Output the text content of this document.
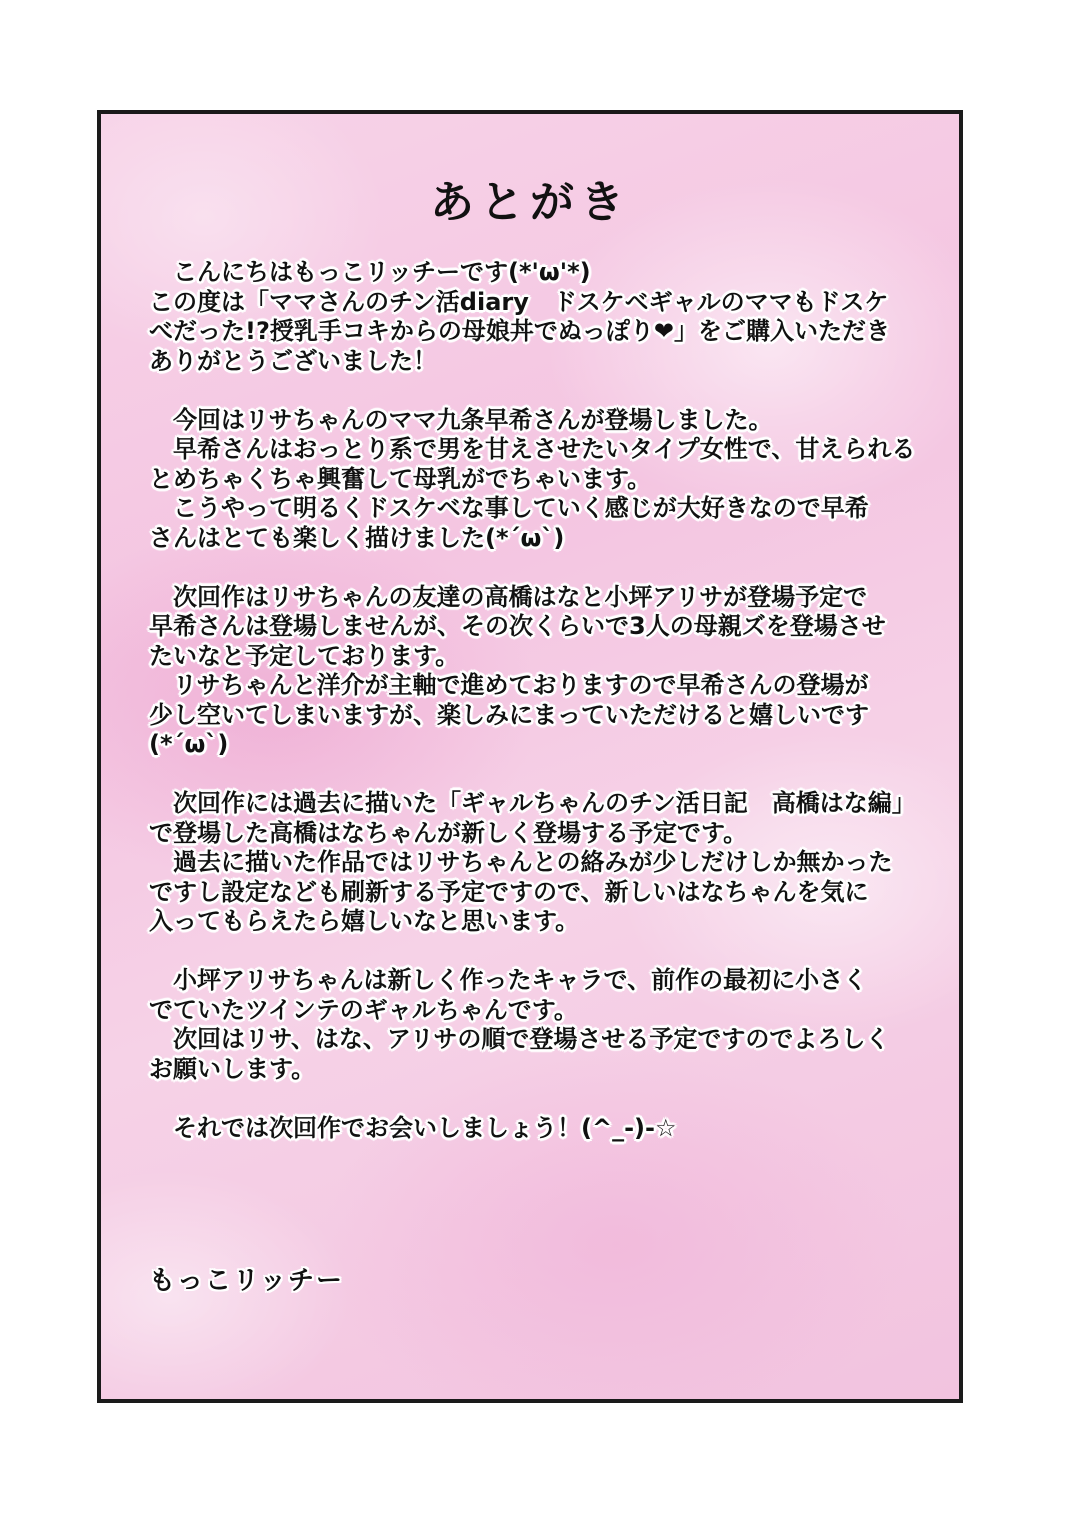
あとがき
　こんにちはもっこリッチーです(*'ω'*)
この度は「ママさんのチン活diary　ドスケベギャルのママもドスケ
べだった!?授乳手コキからの母娘丼でぬっぽり❤」をご購入いただき
ありがとうございました！
　今回はリサちゃんのママ九条早希さんが登場しました。
　早希さんはおっとり系で男を甘えさせたいタイプ女性で、甘えられる
とめちゃくちゃ興奮して母乳がでちゃいます。
　こうやって明るくドスケベな事していく感じが大好きなので早希
さんはとても楽しく描けました(*´ω`)
　次回作はリサちゃんの友達の高橋はなと小坪アリサが登場予定で
早希さんは登場しませんが、その次くらいで3人の母親ズを登場させ
たいなと予定しております。
　リサちゃんと洋介が主軸で進めておりますので早希さんの登場が
少し空いてしまいますが、楽しみにまっていただけると嬉しいです
(*´ω`)
　次回作には過去に描いた「ギャルちゃんのチン活日記　高橋はな編」
で登場した高橋はなちゃんが新しく登場する予定です。
　過去に描いた作品ではリサちゃんとの絡みが少しだけしか無かった
ですし設定なども刷新する予定ですので、新しいはなちゃんを気に
入ってもらえたら嬉しいなと思います。
　小坪アリサちゃんは新しく作ったキャラで、前作の最初に小さく
でていたツインテのギャルちゃんです。
　次回はリサ、はな、アリサの順で登場させる予定ですのでよろしく
お願いします。
　それでは次回作でお会いしましょう！(^_-)-☆
もっこリッチー
